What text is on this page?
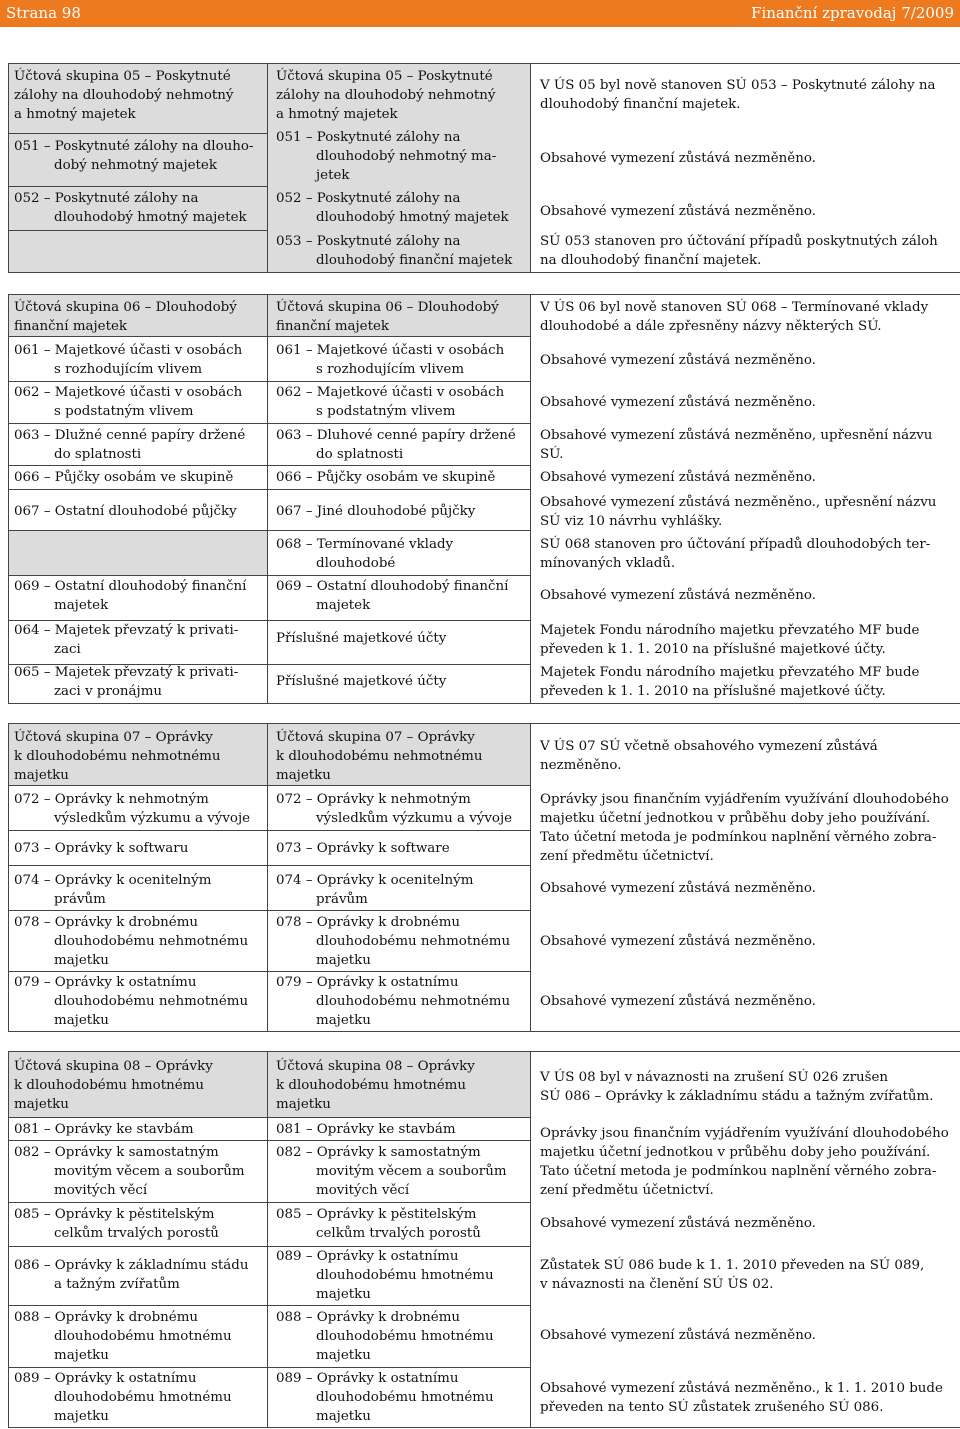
Strana 98	Finanční zpravodaj 7/2009

Účtová skupina 05 – Poskytnuté

zálohy na dlouhodobý nehmotný

a hmotný majetek

051 – Poskytnuté zálohy na dlouho-

dobý nehmotný majetek

052 – Poskytnuté zálohy na

dlouhodobý hmotný majetek

Účtová skupina 05 – Poskytnuté

zálohy na dlouhodobý nehmotný

a hmotný majetek

051 – Poskytnuté zálohy na

dlouhodobý nehmotný ma-

jetek

052 – Poskytnuté zálohy na

dlouhodobý hmotný majetek

053 – Poskytnuté zálohy na

dlouhodobý finanční majetek

V ÚS 05 byl nově stanoven SÚ 053 – Poskytnuté zálohy na

dlouhodobý finanční majetek.

Obsahové vymezení zůstává nezměněno.

Obsahové vymezení zůstává nezměněno.

SÚ 053 stanoven pro účtování případů poskytnutých záloh

na dlouhodobý finanční majetek.

Účtová skupina 06 – Dlouhodobý

finanční majetek

061 – Majetkové účasti v osobách

s rozhodujícím vlivem

062 – Majetkové účasti v osobách

s podstatným vlivem

063 – Dlužné cenné papíry držené

do splatnosti

066 – Půjčky osobám ve skupině

067 – Ostatní dlouhodobé půjčky

069 – Ostatní dlouhodobý finanční

majetek

064 – Majetek převzatý k privati-

zaci

065 – Majetek převzatý k privati-

zaci v pronájmu

Účtová skupina 06 – Dlouhodobý

finanční majetek

061 – Majetkové účasti v osobách

s rozhodujícím vlivem

062 – Majetkové účasti v osobách

s podstatným vlivem

063 – Dluhové cenné papíry držené

do splatnosti

066 – Půjčky osobám ve skupině

067 – Jiné dlouhodobé půjčky

068 – Termínované vklady

dlouhodobé

069 – Ostatní dlouhodobý finanční

majetek

Příslušné majetkové účty

Příslušné majetkové účty

V ÚS 06 byl nově stanoven SÚ 068 – Termínované vklady

dlouhodobé a dále zpřesněny názvy některých SÚ.

Obsahové vymezení zůstává nezměněno.

Obsahové vymezení zůstává nezměněno.

Obsahové vymezení zůstává nezměněno, upřesnění názvu

SÚ.

Obsahové vymezení zůstává nezměněno.

Obsahové vymezení zůstává nezměněno., upřesnění názvu

SÚ viz 10 návrhu vyhlášky.

SÚ 068 stanoven pro účtování případů dlouhodobých ter-

mínovaných vkladů.

Obsahové vymezení zůstává nezměněno.

Majetek Fondu národního majetku převzatého MF bude

převeden k 1. 1. 2010 na příslušné majetkové účty.

Majetek Fondu národního majetku převzatého MF bude

převeden k 1. 1. 2010 na příslušné majetkové účty.

Účtová skupina 07 – Oprávky

k dlouhodobému nehmotnému

majetku

072 – Oprávky k nehmotným

výsledkům výzkumu a vývoje

073 – Oprávky k softwaru

074 – Oprávky k ocenitelným

právům

078 – Oprávky k drobnému

dlouhodobému nehmotnému

majetku

079 – Oprávky k ostatnímu

dlouhodobému nehmotnému

majetku

Účtová skupina 07 – Oprávky

k dlouhodobému nehmotnému

majetku

072 – Oprávky k nehmotným

výsledkům výzkumu a vývoje

073 – Oprávky k software

074 – Oprávky k ocenitelným

právům

078 – Oprávky k drobnému

dlouhodobému nehmotnému

majetku

079 – Oprávky k ostatnímu

dlouhodobému nehmotnému

majetku

V ÚS 07 SÚ včetně obsahového vymezení zůstává

nezměněno.

Oprávky jsou finančním vyjádřením využívání dlouhodobého

majetku účetní jednotkou v průběhu doby jeho používání.

Tato účetní metoda je podmínkou naplnění věrného zobra-

zení předmětu účetnictví.

Obsahové vymezení zůstává nezměněno.

Obsahové vymezení zůstává nezměněno.

Obsahové vymezení zůstává nezměněno.

Účtová skupina 08 – Oprávky

k dlouhodobému hmotnému

majetku

081 – Oprávky ke stavbám

082 – Oprávky k samostatným

movitým věcem a souborům

movitých věcí

085 – Oprávky k pěstitelským

celkům trvalých porostů

086 – Oprávky k základnímu stádu

a tažným zvířatům

088 – Oprávky k drobnému

dlouhodobému hmotnému

majetku

089 – Oprávky k ostatnímu

dlouhodobému hmotnému

majetku

Účtová skupina 08 – Oprávky

k dlouhodobému hmotnému

majetku

081 – Oprávky ke stavbám

082 – Oprávky k samostatným

movitým věcem a souborům

movitých věcí

085 – Oprávky k pěstitelským

celkům trvalých porostů

089 – Oprávky k ostatnímu

dlouhodobému hmotnému

majetku

088 – Oprávky k drobnému

dlouhodobému hmotnému

majetku

089 – Oprávky k ostatnímu

dlouhodobému hmotnému

majetku

V ÚS 08 byl v návaznosti na zrušení SÚ 026 zrušen

SÚ 086 – Oprávky k základnímu stádu a tažným zvířatům.

Oprávky jsou finančním vyjádřením využívání dlouhodobého

majetku účetní jednotkou v průběhu doby jeho používání.

Tato účetní metoda je podmínkou naplnění věrného zobra-

zení předmětu účetnictví.

Obsahové vymezení zůstává nezměněno.

Zůstatek SÚ 086 bude k 1. 1. 2010 převeden na SÚ 089,

v návaznosti na členění SÚ ÚS 02.

Obsahové vymezení zůstává nezměněno.

Obsahové vymezení zůstává nezměněno., k 1. 1. 2010 bude

převeden na tento SÚ zůstatek zrušeného SÚ 086.
